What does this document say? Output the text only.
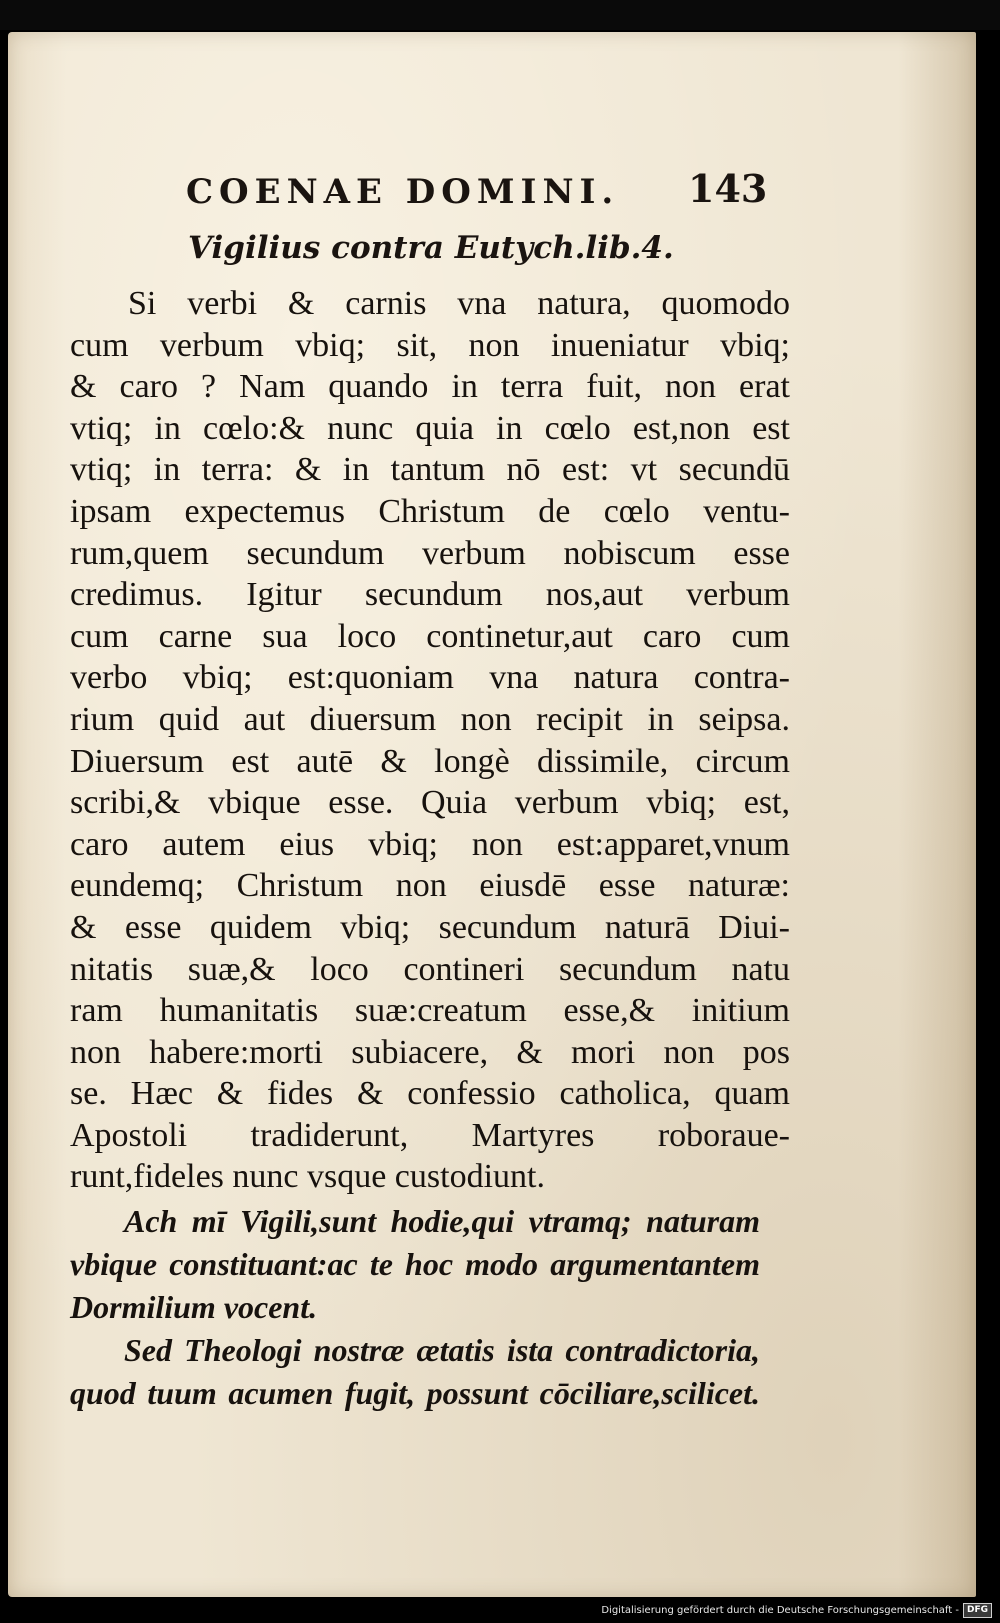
COENAE DOMINI. 143
Vigilius contra Eutych.lib.4.
Si verbi & carnis vna natura, quomodo
cum verbum vbiq; sit, non inueniatur vbiq;
& caro ? Nam quando in terra fuit, non erat
vtiq; in cœlo:& nunc quia in cœlo est,non est
vtiq; in terra: & in tantum nō est: vt secundū
ipsam expectemus Christum de cœlo ventu-
rum,quem secundum verbum nobiscum esse
credimus. Igitur secundum nos,aut verbum
cum carne sua loco continetur,aut caro cum
verbo vbiq; est:quoniam vna natura contra-
rium quid aut diuersum non recipit in seipsa.
Diuersum est autē & longè dissimile, circum
scribi,& vbique esse. Quia verbum vbiq; est,
caro autem eius vbiq; non est:apparet,vnum
eundemq; Christum non eiusdē esse naturæ:
& esse quidem vbiq; secundum naturā Diui-
nitatis suæ,& loco contineri secundum natu
ram humanitatis suæ:creatum esse,& initium
non habere:morti subiacere, & mori non pos
se. Hæc & fides & confessio catholica, quam
Apostoli tradiderunt, Martyres roboraue-
runt,fideles nunc vsque custodiunt.
Ach mī Vigili,sunt hodie,qui vtramq; naturam
vbique constituant:ac te hoc modo argumentantem
Dormilium vocent.
Sed Theologi nostræ ætatis ista contradictoria,
quod tuum acumen fugit, possunt cōciliare,scilicet.
Digitalisierung gefördert durch die Deutsche Forschungsgemeinschaft - DFG
